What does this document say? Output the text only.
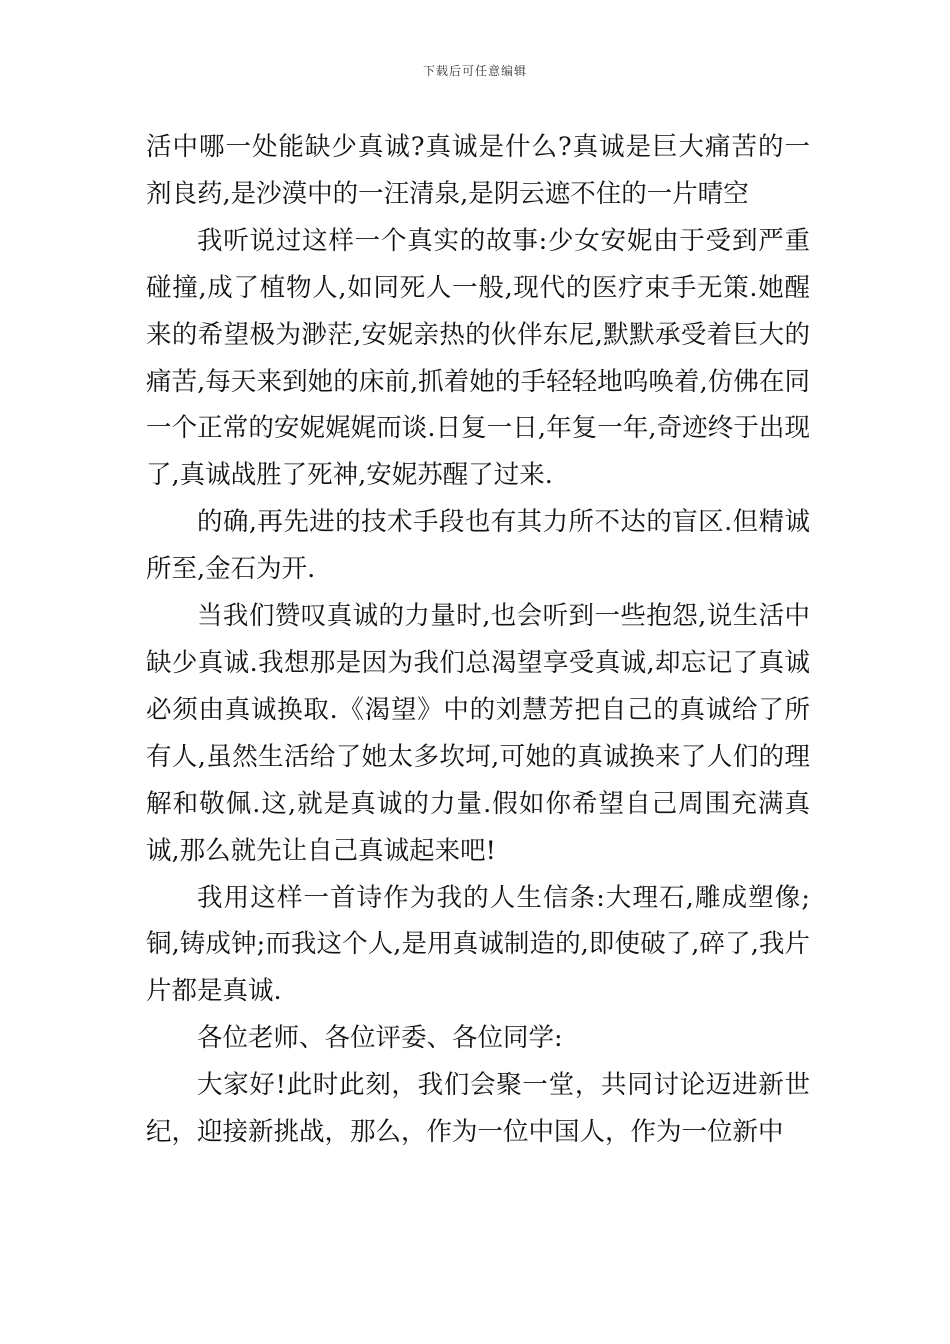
下载后可任意编辑

活中哪一处能缺少真诚?真诚是什么?真诚是巨大痛苦的一剂良药,是沙漠中的一汪清泉,是阴云遮不住的一片晴空

我听说过这样一个真实的故事:少女安妮由于受到严重碰撞,成了植物人,如同死人一般,现代的医疗束手无策.她醒来的希望极为渺茫,安妮亲热的伙伴东尼,默默承受着巨大的痛苦,每天来到她的床前,抓着她的手轻轻地呜唤着,仿佛在同一个正常的安妮娓娓而谈.日复一日,年复一年,奇迹终于出现了,真诚战胜了死神,安妮苏醒了过来.

的确,再先进的技术手段也有其力所不达的盲区.但精诚所至,金石为开.

当我们赞叹真诚的力量时,也会听到一些抱怨,说生活中缺少真诚.我想那是因为我们总渴望享受真诚,却忘记了真诚必须由真诚换取.《渴望》中的刘慧芳把自己的真诚给了所有人,虽然生活给了她太多坎坷,可她的真诚换来了人们的理解和敬佩.这,就是真诚的力量.假如你希望自己周围充满真诚,那么就先让自己真诚起来吧!

我用这样一首诗作为我的人生信条:大理石,雕成塑像;铜,铸成钟;而我这个人,是用真诚制造的,即使破了,碎了,我片片都是真诚.

各位老师、各位评委、各位同学:

大家好!此时此刻，我们会聚一堂，共同讨论迈进新世纪，迎接新挑战，那么，作为一位中国人，作为一位新中
